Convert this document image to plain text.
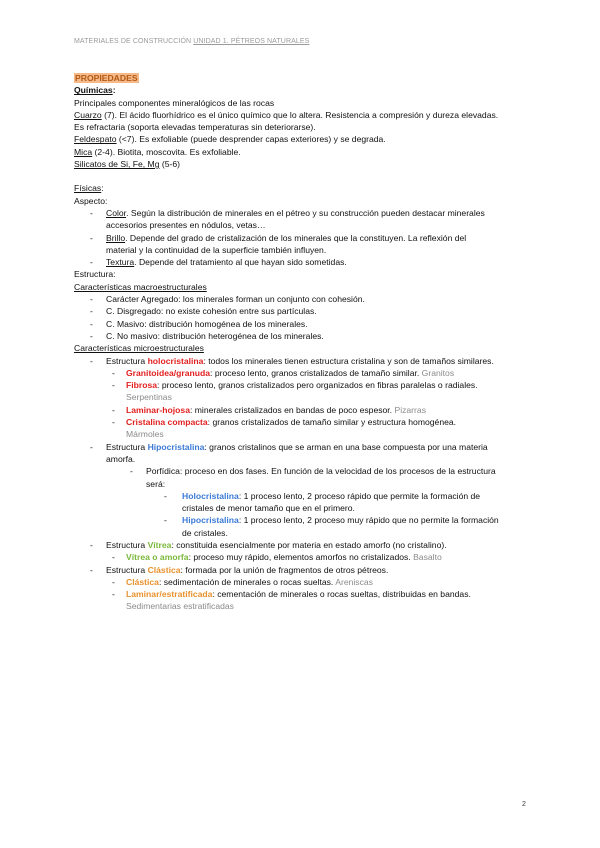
MATERIALES DE CONSTRUCCIÓN UNIDAD 1. PÉTREOS NATURALES
PROPIEDADES
Químicas:
Principales componentes mineralógicos de las rocas
Cuarzo (7). El ácido fluorhídrico es el único químico que lo altera. Resistencia a compresión y dureza elevadas.
Es refractaria (soporta elevadas temperaturas sin deteriorarse).
Feldespato (<7). Es exfoliable (puede desprender capas exteriores) y se degrada.
Mica (2-4). Biotita, moscovita. Es exfoliable.
Silicatos de Si, Fe, Mg (5-6)
Físicas:
Aspecto:
- Color. Según la distribución de minerales en el pétreo y su construcción pueden destacar minerales
accesorios presentes en nódulos, vetas…
- Brillo. Depende del grado de cristalización de los minerales que la constituyen. La reflexión del
material y la continuidad de la superficie también influyen.
- Textura. Depende del tratamiento al que hayan sido sometidas.
Estructura:
Características macroestructurales
- Carácter Agregado: los minerales forman un conjunto con cohesión.
- C. Disgregado: no existe cohesión entre sus partículas.
- C. Masivo: distribución homogénea de los minerales.
- C. No masivo: distribución heterogénea de los minerales.
Características microestructurales
- Estructura holocristalina: todos los minerales tienen estructura cristalina y son de tamaños similares.
- Granitoidea/granuda: proceso lento, granos cristalizados de tamaño similar. Granitos
- Fibrosa: proceso lento, granos cristalizados pero organizados en fibras paralelas o radiales.
Serpentinas
- Laminar-hojosa: minerales cristalizados en bandas de poco espesor. Pizarras
- Cristalina compacta: granos cristalizados de tamaño similar y estructura homogénea.
Mármoles
- Estructura Hipocristalina: granos cristalinos que se arman en una base compuesta por una materia
amorfa.
- Porfídica: proceso en dos fases. En función de la velocidad de los procesos de la estructura
será:
- Holocristalina: 1 proceso lento, 2 proceso rápido que permite la formación de
cristales de menor tamaño que en el primero.
- Hipocristalina: 1 proceso lento, 2 proceso muy rápido que no permite la formación
de cristales.
- Estructura Vítrea: constituida esencialmente por materia en estado amorfo (no cristalino).
- Vítrea o amorfa: proceso muy rápido, elementos amorfos no cristalizados. Basalto
- Estructura Clástica: formada por la unión de fragmentos de otros pétreos.
- Clástica: sedimentación de minerales o rocas sueltas. Areniscas
- Laminar/estratificada: cementación de minerales o rocas sueltas, distribuidas en bandas.
Sedimentarias estratificadas
2
